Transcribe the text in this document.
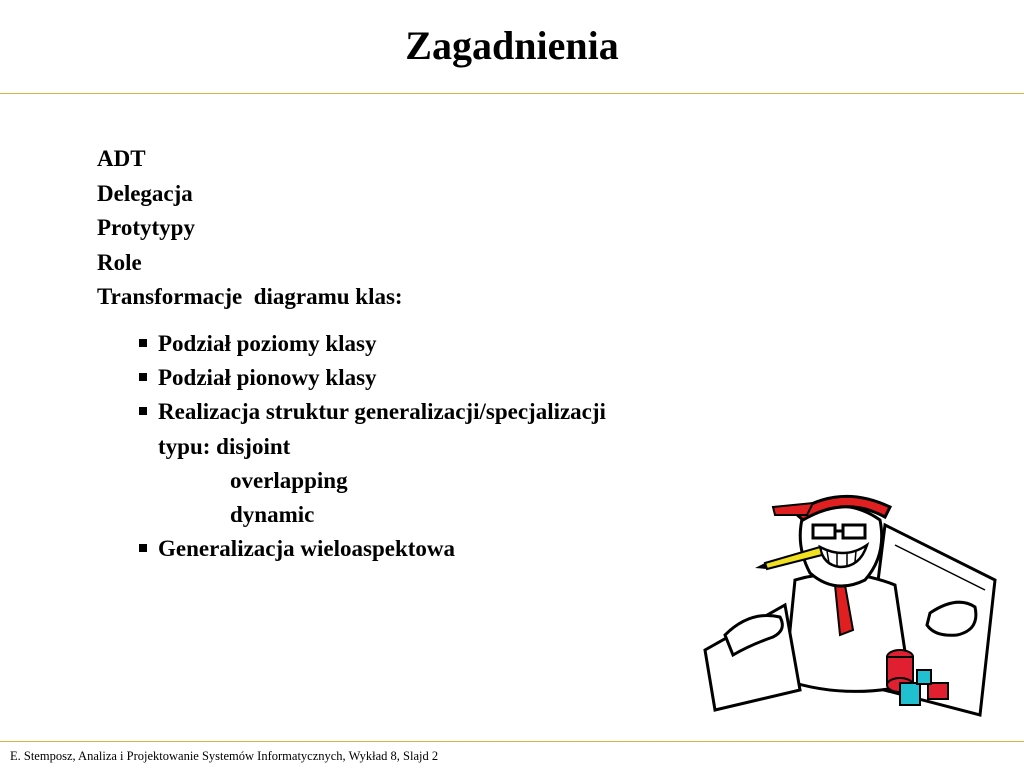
Zagadnienia
ADT
Delegacja
Protytypy
Role
Transformacje  diagramu klas:
Podział poziomy klasy
Podział pionowy klasy
Realizacja struktur generalizacji/specjalizacji
typu: disjoint
overlapping
dynamic
Generalizacja wieloaspektowa
E. Stemposz, Analiza i Projektowanie Systemów Informatycznych, Wykład 8, Slajd 2
